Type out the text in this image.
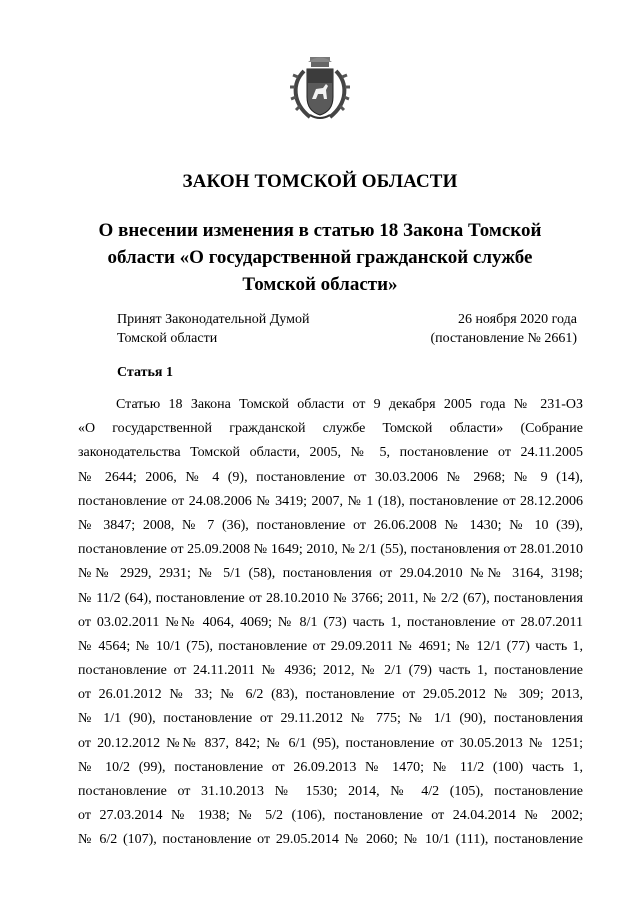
ЗАКОН ТОМСКОЙ ОБЛАСТИ
О внесении изменения в статью 18 Закона Томской
области «О государственной гражданской службе
Томской области»
Принят Законодательной Думой
Томской области
26 ноября 2020 года
(постановление № 2661)
Статья 1
Статью 18 Закона Томской области от 9 декабря 2005 года № 231-ОЗ
«О государственной гражданской службе Томской области» (Собрание
законодательства Томской области, 2005, № 5, постановление от 24.11.2005
№ 2644; 2006, № 4 (9), постановление от 30.03.2006 № 2968; № 9 (14),
постановление от 24.08.2006 № 3419; 2007, № 1 (18), постановление от 28.12.2006
№ 3847; 2008, № 7 (36), постановление от 26.06.2008 № 1430; № 10 (39),
постановление от 25.09.2008 № 1649; 2010, № 2/1 (55), постановления от 28.01.2010
№№ 2929, 2931; № 5/1 (58), постановления от 29.04.2010 №№ 3164, 3198;
№ 11/2 (64), постановление от 28.10.2010 № 3766; 2011, № 2/2 (67), постановления
от 03.02.2011 №№ 4064, 4069; № 8/1 (73) часть 1, постановление от 28.07.2011
№ 4564; № 10/1 (75), постановление от 29.09.2011 № 4691; № 12/1 (77) часть 1,
постановление от 24.11.2011 № 4936; 2012, № 2/1 (79) часть 1, постановление
от 26.01.2012 № 33; № 6/2 (83), постановление от 29.05.2012 № 309; 2013,
№ 1/1 (90), постановление от 29.11.2012 № 775; № 1/1 (90), постановления
от 20.12.2012 №№ 837, 842; № 6/1 (95), постановление от 30.05.2013 № 1251;
№ 10/2 (99), постановление от 26.09.2013 № 1470; № 11/2 (100) часть 1,
постановление от 31.10.2013 № 1530; 2014, № 4/2 (105), постановление
от 27.03.2014 № 1938; № 5/2 (106), постановление от 24.04.2014 № 2002;
№ 6/2 (107), постановление от 29.05.2014 № 2060; № 10/1 (111), постановление
